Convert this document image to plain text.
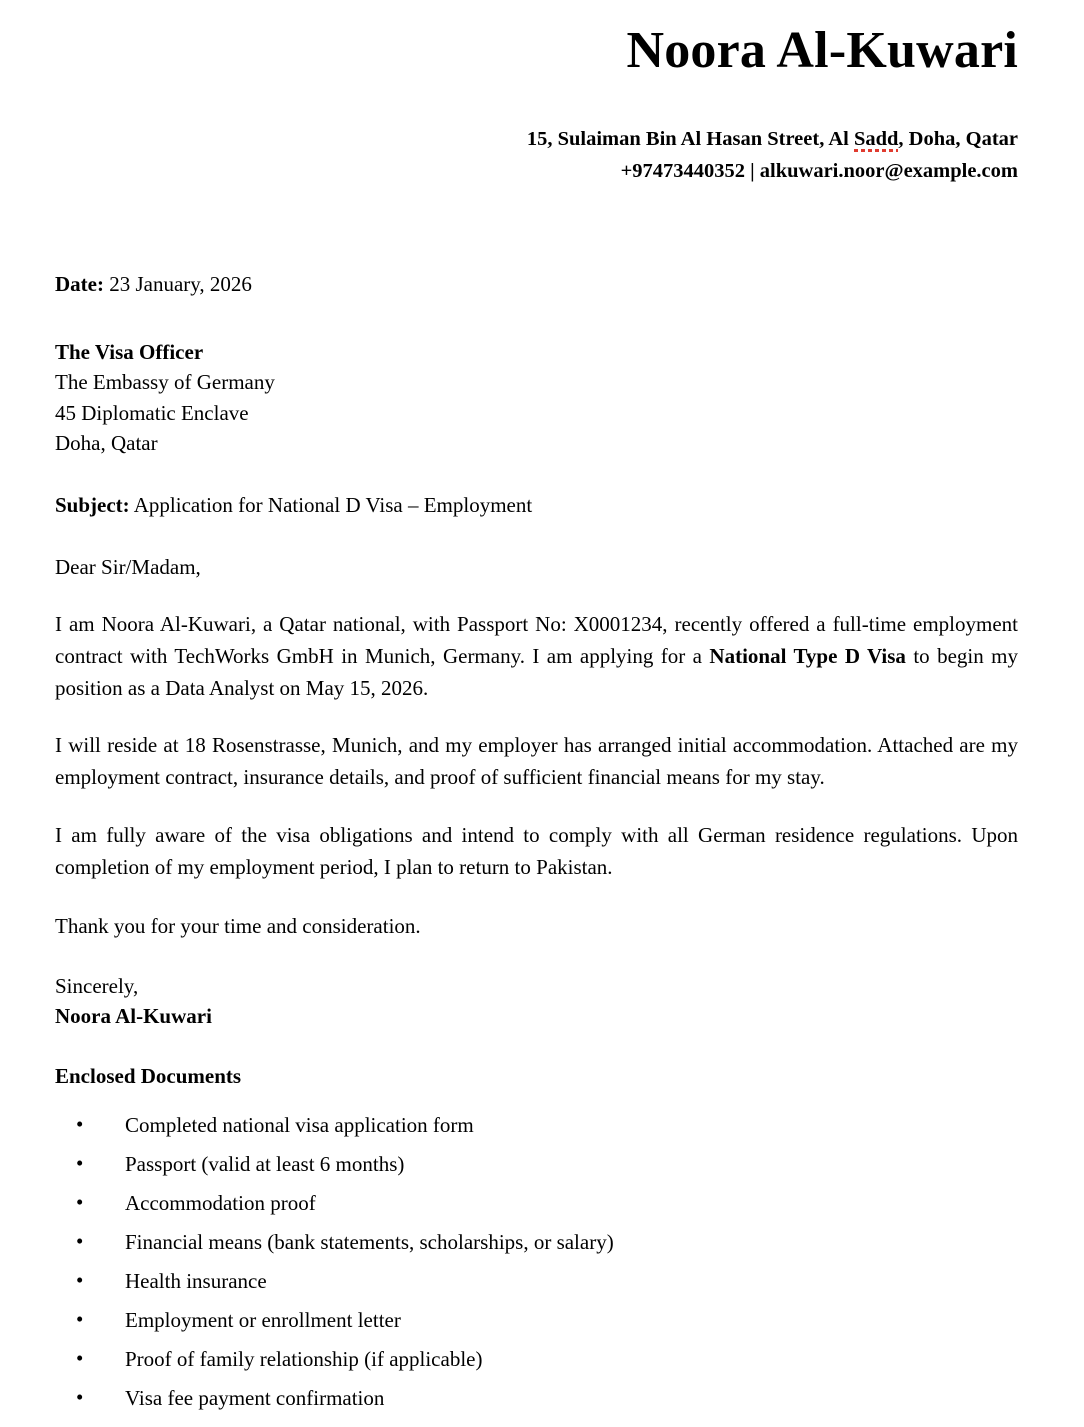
Noora Al-Kuwari
15, Sulaiman Bin Al Hasan Street, Al Sadd, Doha, Qatar
+97473440352 | alkuwari.noor@example.com
Date: 23 January, 2026
The Visa Officer
The Embassy of Germany
45 Diplomatic Enclave
Doha, Qatar
Subject: Application for National D Visa – Employment
Dear Sir/Madam,
I am Noora Al-Kuwari, a Qatar national, with Passport No: X0001234, recently offered a full-time employment contract with TechWorks GmbH in Munich, Germany. I am applying for a National Type D Visa to begin my position as a Data Analyst on May 15, 2026.
I will reside at 18 Rosenstrasse, Munich, and my employer has arranged initial accommodation. Attached are my employment contract, insurance details, and proof of sufficient financial means for my stay.
I am fully aware of the visa obligations and intend to comply with all German residence regulations. Upon completion of my employment period, I plan to return to Pakistan.
Thank you for your time and consideration.
Sincerely,
Noora Al-Kuwari
Enclosed Documents
• Completed national visa application form
• Passport (valid at least 6 months)
• Accommodation proof
• Financial means (bank statements, scholarships, or salary)
• Health insurance
• Employment or enrollment letter
• Proof of family relationship (if applicable)
• Visa fee payment confirmation
